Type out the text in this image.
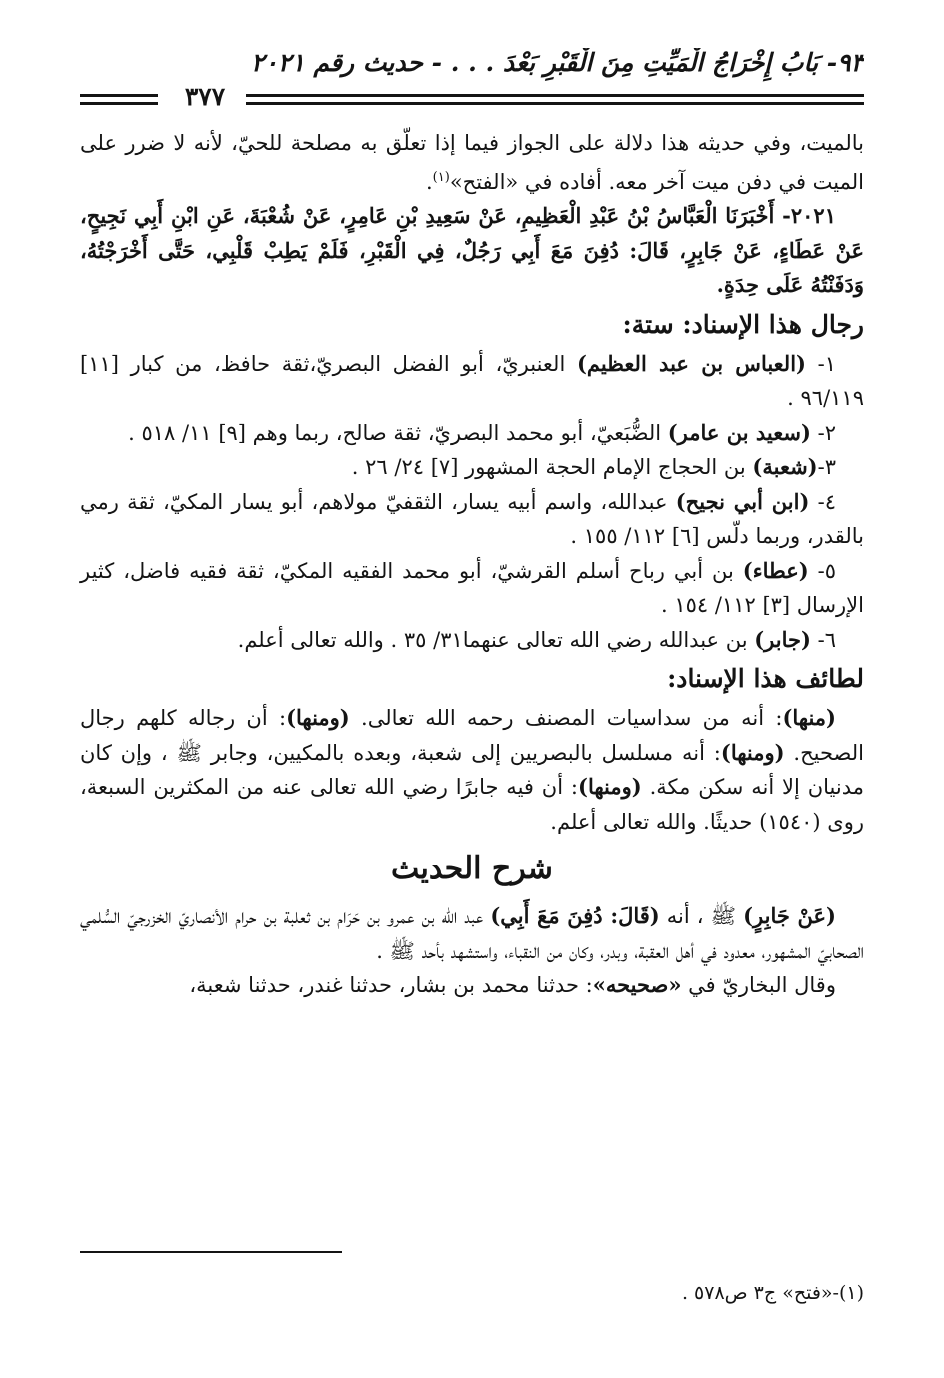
٩٣- بَابُ إِخْرَاجُ الْمَيِّتِ مِنَ الْقَبْرِ بَعْدَ . . . - حديث رقم ٢٠٢١
٣٧٧

بالميت، وفي حديثه هذا دلالة على الجواز فيما إذا تعلّق به مصلحة للحيّ، لأنه لا ضرر على الميت في دفن ميت آخر معه. أفاده في «الفتح»$^{(١)}$.

٢٠٢١- أَخْبَرَنَا الْعَبَّاسُ بْنُ عَبْدِ الْعَظِيمِ، عَنْ سَعِيدِ بْنِ عَامِرٍ، عَنْ شُعْبَةَ، عَنِ ابْنِ أَبِي نَجِيحٍ، عَنْ عَطَاءٍ، عَنْ جَابِرٍ، قَالَ: دُفِنَ مَعَ أَبِي رَجُلٌ، فِي الْقَبْرِ، فَلَمْ يَطِبْ قَلْبِي، حَتَّى أَخْرَجْتُهُ، وَدَفَنْتُهُ عَلَى حِدَةٍ.

رجال هذا الإسناد: ستة:

١- (العباس بن عبد العظيم) العنبريّ، أبو الفضل البصريّ،ثقة حافظ، من كبار [١١] ٩٦/١١٩ .

٢- (سعيد بن عامر) الضُّبَعيّ، أبو محمد البصريّ، ثقة صالح، ربما وهم [٩] ١١/ ٥١٨ .

٣-(شعبة) بن الحجاج الإمام الحجة المشهور [٧] ٢٤/ ٢٦ .

٤- (ابن أبي نجيح) عبدالله، واسم أبيه يسار، الثقفيّ مولاهم، أبو يسار المكيّ، ثقة رمي بالقدر، وربما دلّس [٦] ١١٢/ ١٥٥ .

٥- (عطاء) بن أبي رباح أسلم القرشيّ، أبو محمد الفقيه المكيّ، ثقة فقيه فاضل، كثير الإرسال [٣] ١١٢/ ١٥٤ .

٦- (جابر) بن عبدالله رضي الله تعالى عنهما٣١/ ٣٥ . والله تعالى أعلم.

لطائف هذا الإسناد:

(منها): أنه من سداسيات المصنف رحمه الله تعالى. (ومنها): أن رجاله كلهم رجال الصحيح. (ومنها): أنه مسلسل بالبصريين إلى شعبة، وبعده بالمكيين، وجابر ﷺ ، وإن كان مدنيان إلا أنه سكن مكة. (ومنها): أن فيه جابرًا رضي الله تعالى عنه من المكثرين السبعة، روى (١٥٤٠) حديثًا. والله تعالى أعلم.

شرح الحديث

(عَنْ جَابِرٍ) ﷺ ، أنه (قَالَ: دُفِنَ مَعَ أَبِي) عبد الله بن عمرو بن حَرَام بن ثعلبة بن حرام الأنصاريّ الخزرجيّ السُّلمي الصحابيّ المشهور، معدود في أهل العقبة، وبدر، وكان من النقباء، واستشهد بأحد ﷺ .

وقال البخاريّ في «صحيحه»: حدثنا محمد بن بشار، حدثنا غندر، حدثنا شعبة،

(١)-«فتح» ج٣ ص٥٧٨ .
